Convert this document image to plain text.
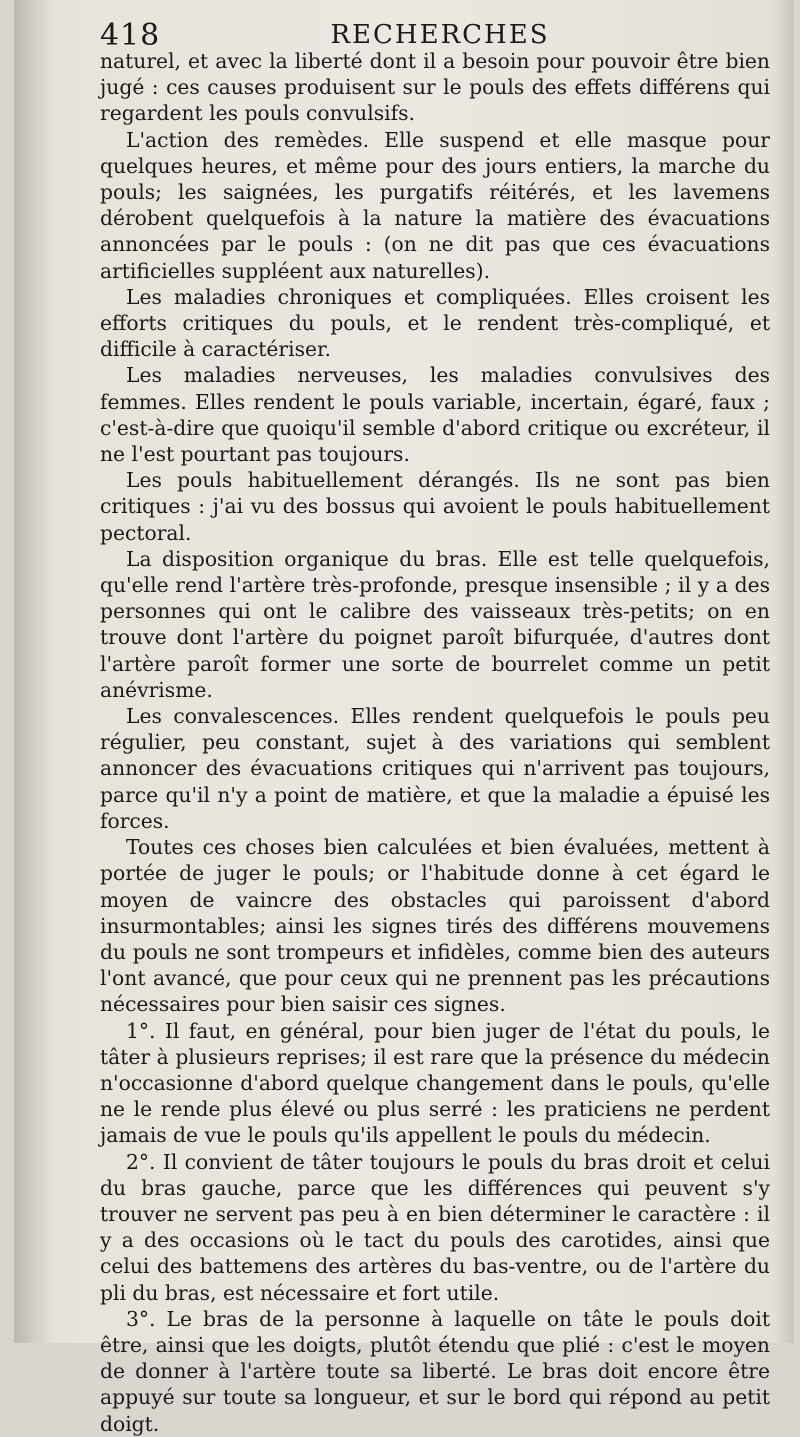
418	RECHERCHES

naturel, et avec la liberté dont il a besoin pour pouvoir être bien jugé : ces causes produisent sur le pouls des effets différens qui regardent les pouls convulsifs.

L'action des remèdes. Elle suspend et elle masque pour quelques heures, et même pour des jours entiers, la marche du pouls; les saignées, les purgatifs réitérés, et les lavemens dérobent quelquefois à la nature la matière des évacuations annoncées par le pouls : (on ne dit pas que ces évacuations artificielles suppléent aux naturelles).

Les maladies chroniques et compliquées. Elles croisent les efforts critiques du pouls, et le rendent très-compliqué, et difficile à caractériser.

Les maladies nerveuses, les maladies convulsives des femmes. Elles rendent le pouls variable, incertain, égaré, faux ; c'est-à-dire que quoiqu'il semble d'abord critique ou excréteur, il ne l'est pourtant pas toujours.

Les pouls habituellement dérangés. Ils ne sont pas bien critiques : j'ai vu des bossus qui avoient le pouls habituellement pectoral.

La disposition organique du bras. Elle est telle quelquefois, qu'elle rend l'artère très-profonde, presque insensible ; il y a des personnes qui ont le calibre des vaisseaux très-petits; on en trouve dont l'artère du poignet paroît bifurquée, d'autres dont l'artère paroît former une sorte de bourrelet comme un petit anévrisme.

Les convalescences. Elles rendent quelquefois le pouls peu régulier, peu constant, sujet à des variations qui semblent annoncer des évacuations critiques qui n'arrivent pas toujours, parce qu'il n'y a point de matière, et que la maladie a épuisé les forces.

Toutes ces choses bien calculées et bien évaluées, mettent à portée de juger le pouls; or l'habitude donne à cet égard le moyen de vaincre des obstacles qui paroissent d'abord insurmontables; ainsi les signes tirés des différens mouvemens du pouls ne sont trompeurs et infidèles, comme bien des auteurs l'ont avancé, que pour ceux qui ne prennent pas les précautions nécessaires pour bien saisir ces signes.

1°. Il faut, en général, pour bien juger de l'état du pouls, le tâter à plusieurs reprises; il est rare que la présence du médecin n'occasionne d'abord quelque changement dans le pouls, qu'elle ne le rende plus élevé ou plus serré : les praticiens ne perdent jamais de vue le pouls qu'ils appellent le pouls du médecin.

2°. Il convient de tâter toujours le pouls du bras droit et celui du bras gauche, parce que les différences qui peuvent s'y trouver ne servent pas peu à en bien déterminer le caractère : il y a des occasions où le tact du pouls des carotides, ainsi que celui des battemens des artères du bas-ventre, ou de l'artère du pli du bras, est nécessaire et fort utile.

3°. Le bras de la personne à laquelle on tâte le pouls doit être, ainsi que les doigts, plutôt étendu que plié : c'est le moyen de donner à l'artère toute sa liberté. Le bras doit encore être appuyé sur toute sa longueur, et sur le bord qui répond au petit doigt.
